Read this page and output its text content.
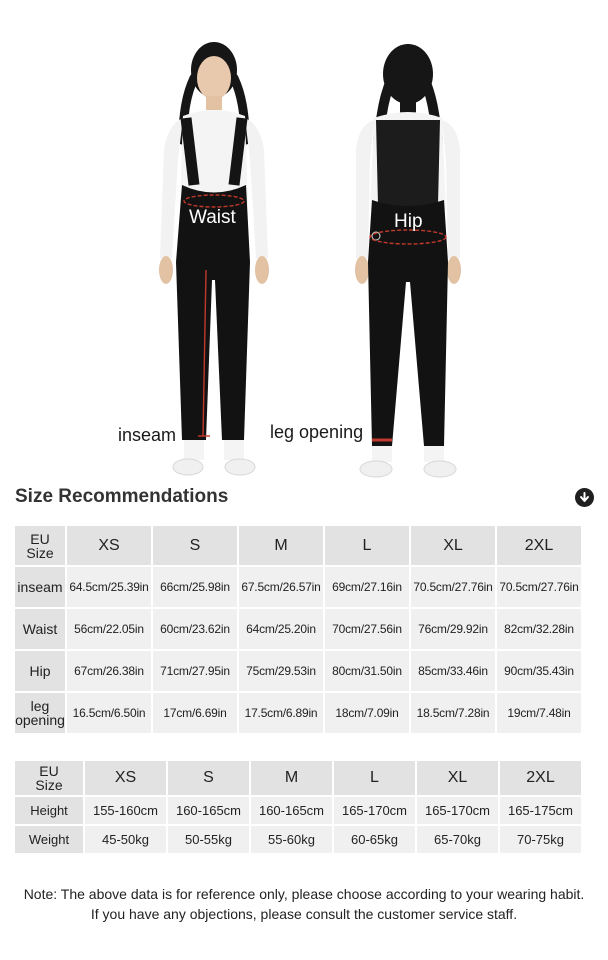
Waist	Hip
inseam	leg opening
Size Recommendations
EU
Size	XS	S	M	L	XL	2XL
inseam	64.5cm/25.39in	66cm/25.98in	67.5cm/26.57in	69cm/27.16in	70.5cm/27.76in	70.5cm/27.76in
Waist	56cm/22.05in	60cm/23.62in	64cm/25.20in	70cm/27.56in	76cm/29.92in	82cm/32.28in
Hip	67cm/26.38in	71cm/27.95in	75cm/29.53in	80cm/31.50in	85cm/33.46in	90cm/35.43in
leg
opening	16.5cm/6.50in	17cm/6.69in	17.5cm/6.89in	18cm/7.09in	18.5cm/7.28in	19cm/7.48in
EU
Size	XS	S	M	L	XL	2XL
Height	155-160cm	160-165cm	160-165cm	165-170cm	165-170cm	165-175cm
Weight	45-50kg	50-55kg	55-60kg	60-65kg	65-70kg	70-75kg
Note: The above data is for reference only, please choose according to your wearing habit.
If you have any objections, please consult the customer service staff.
